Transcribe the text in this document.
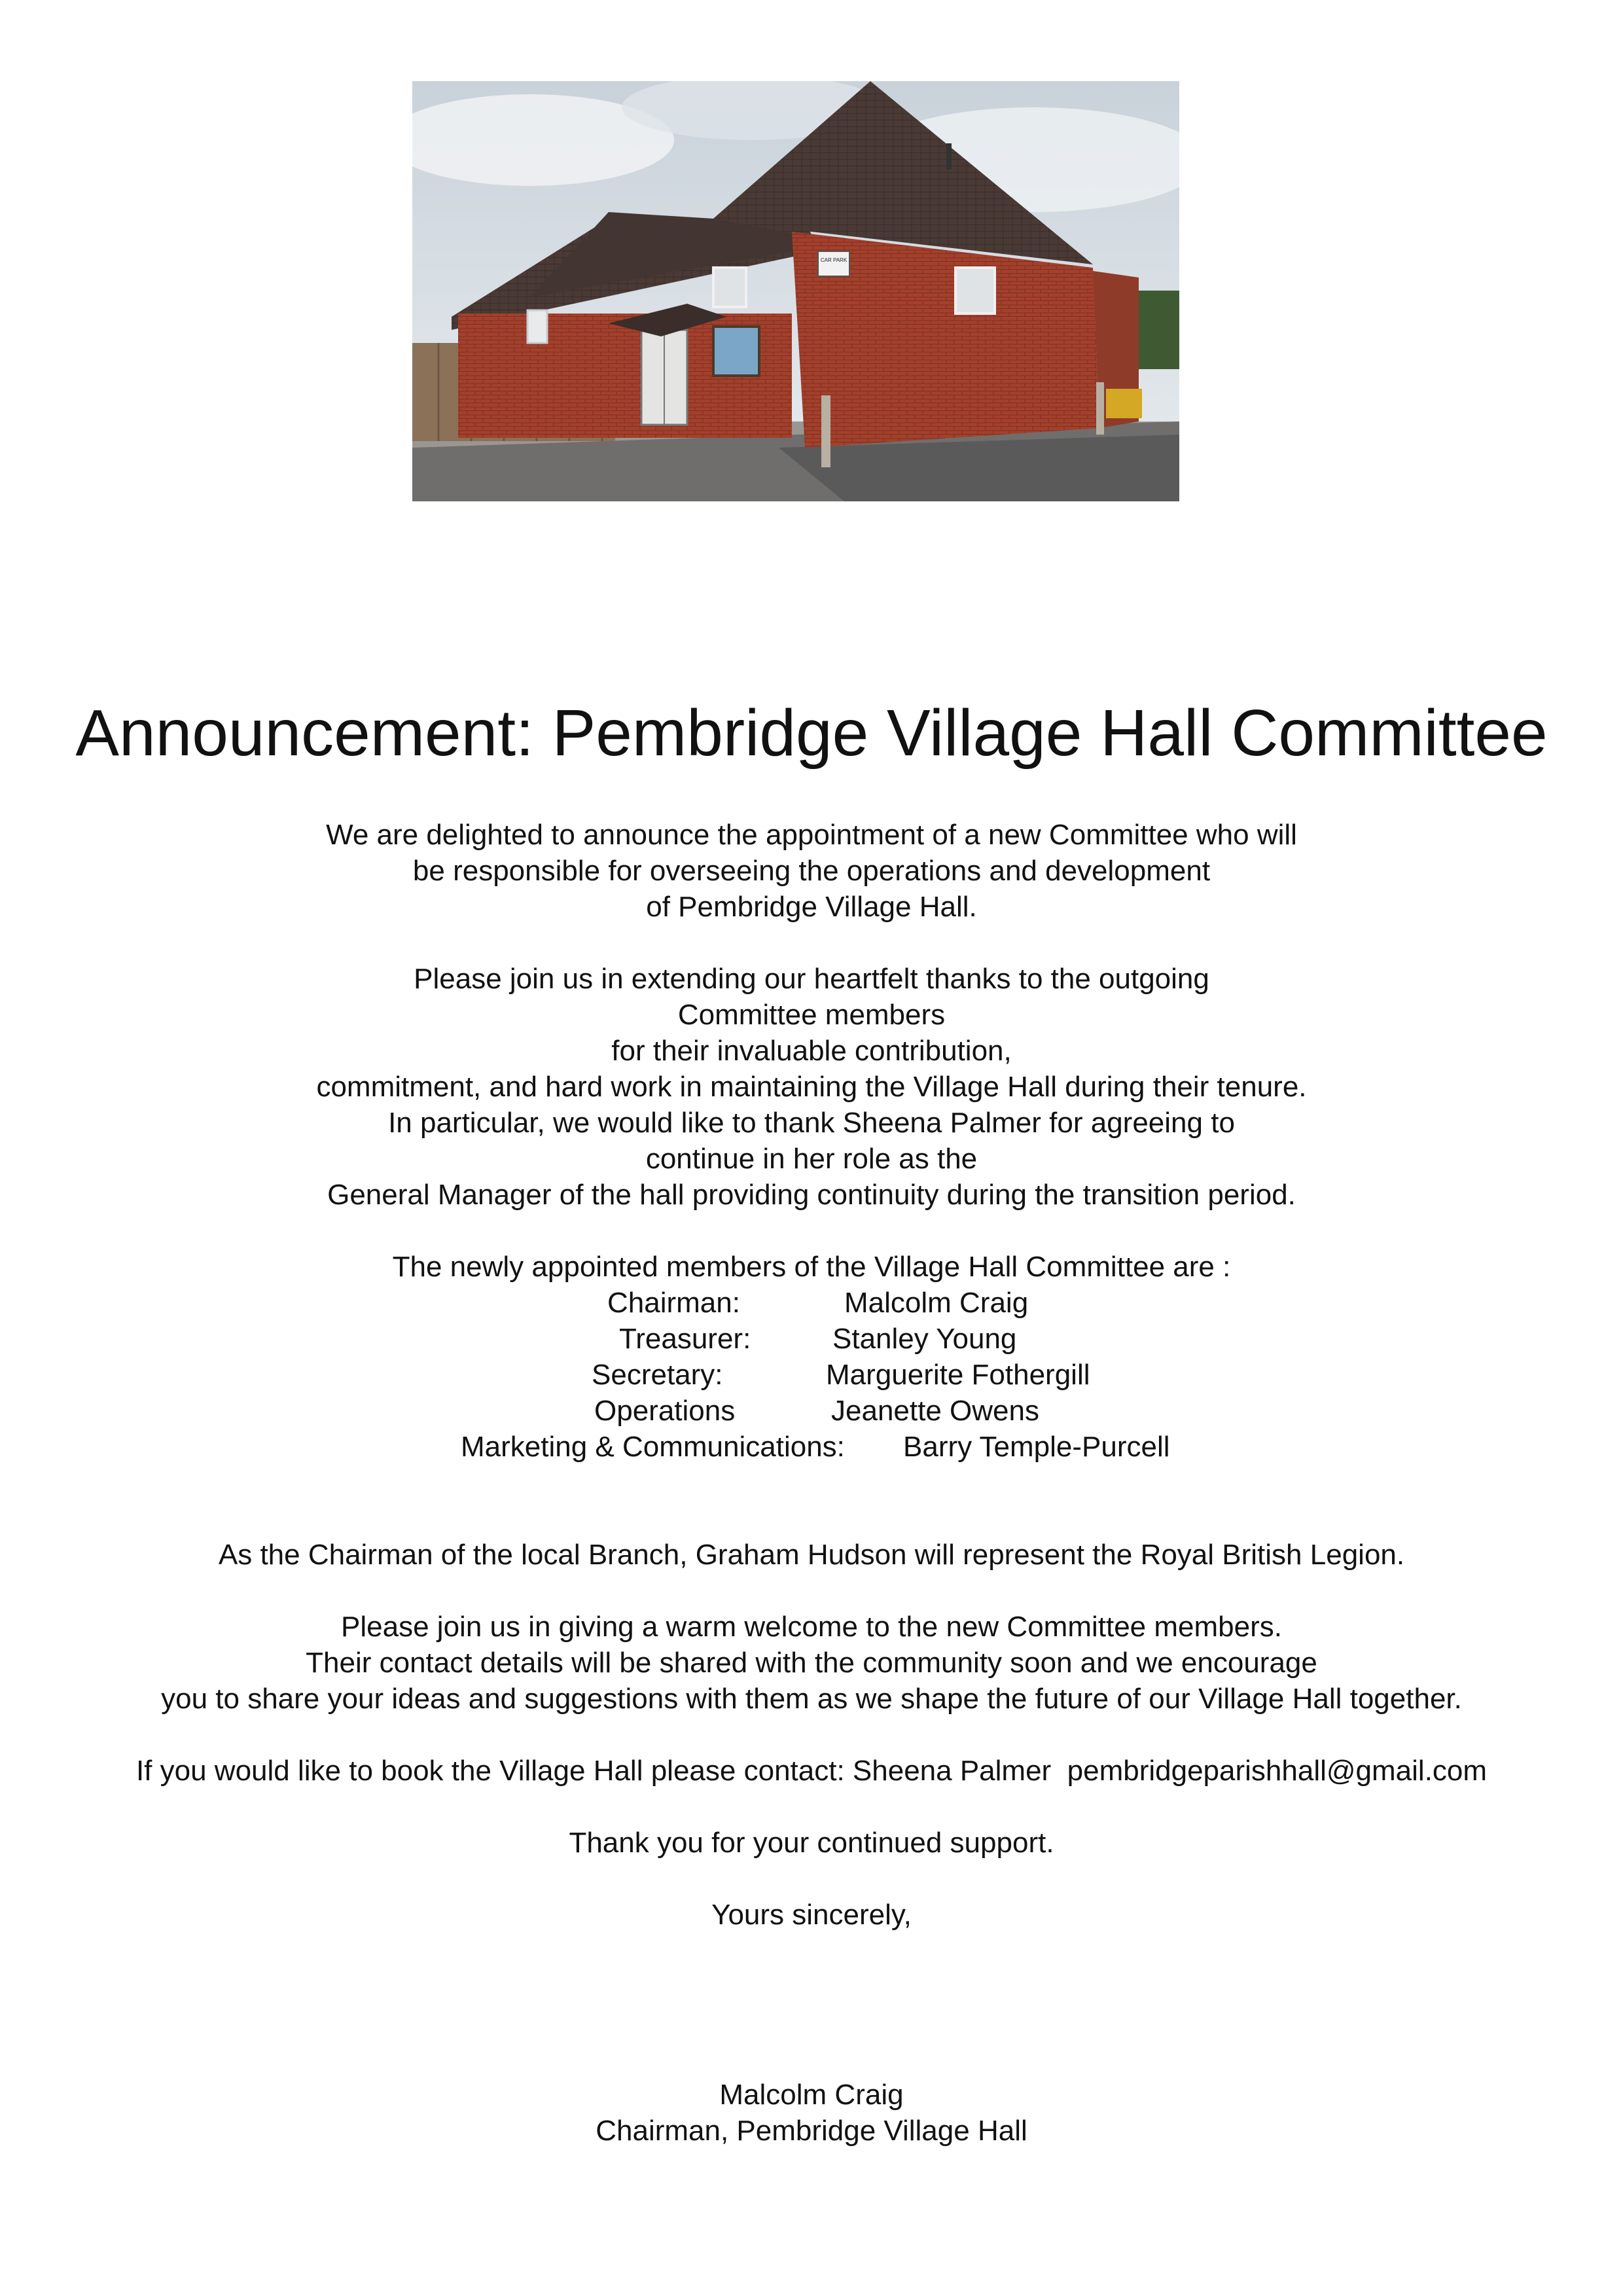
CAR PARK
Announcement: Pembridge Village Hall Committee

We are delighted to announce the appointment of a new Committee who will

be responsible for overseeing the operations and development

of Pembridge Village Hall.

Please join us in extending our heartfelt thanks to the outgoing

Committee members

for their invaluable contribution,

commitment, and hard work in maintaining the Village Hall during their tenure.

In particular, we would like to thank Sheena Palmer for agreeing to

continue in her role as the

General Manager of the hall providing continuity during the transition period.

The newly appointed members of the Village Hall Committee are :

Chairman:	Malcolm Craig
Treasurer:	Stanley Young
Secretary:	Marguerite Fothergill
Operations	Jeanette Owens
Marketing & Communications: Barry Temple-Purcell

As the Chairman of the local Branch, Graham Hudson will represent the Royal British Legion.

Please join us in giving a warm welcome to the new Committee members.

Their contact details will be shared with the community soon and we encourage

you to share your ideas and suggestions with them as we shape the future of our Village Hall together.

If you would like to book the Village Hall please contact: Sheena Palmer  pembridgeparishhall@gmail.com

Thank you for your continued support.

Yours sincerely,

Malcolm Craig

Chairman, Pembridge Village Hall
